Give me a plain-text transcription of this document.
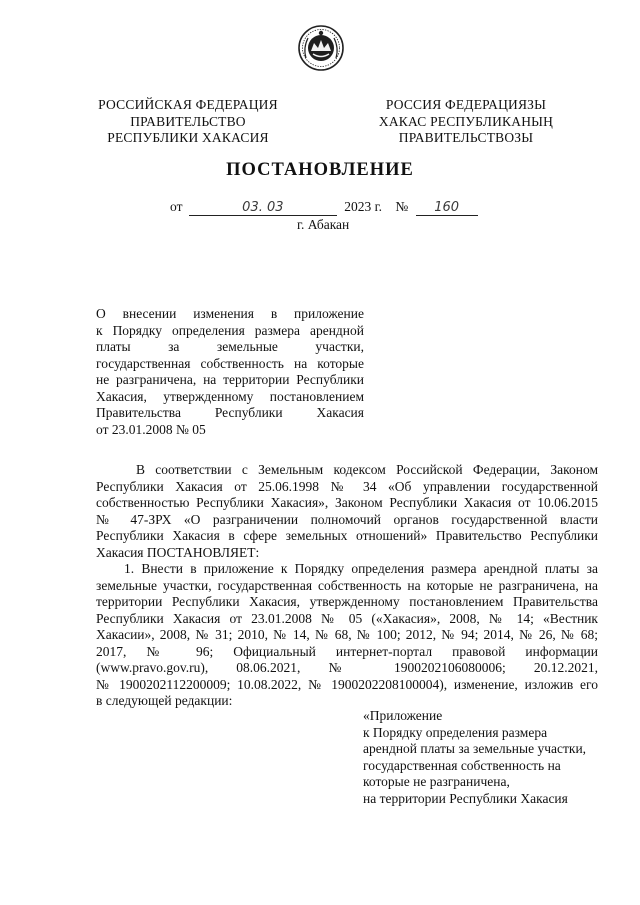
РОССИЙСКАЯ ФЕДЕРАЦИЯ
ПРАВИТЕЛЬСТВО
РЕСПУБЛИКИ ХАКАСИЯ
РОССИЯ ФЕДЕРАЦИЯЗЫ
ХАКАС РЕСПУБЛИКАНЫҢ
ПРАВИТЕЛЬСТВОЗЫ
ПОСТАНОВЛЕНИЕ
от	03. 03	2023 г. № 160
г. Абакан
О внесении изменения в приложение
к Порядку определения размера арендной
платы за земельные участки,
государственная собственность на которые
не разграничена, на территории Республики
Хакасия, утвержденному постановлением
Правительства Республики Хакасия
от 23.01.2008 № 05
В соответствии с Земельным кодексом Российской Федерации, Законом
Республики Хакасия от 25.06.1998 № 34 «Об управлении государственной
собственностью Республики Хакасия», Законом Республики Хакасия от 10.06.2015
№ 47-ЗРХ «О разграничении полномочий органов государственной власти
Республики Хакасия в сфере земельных отношений» Правительство Республики
Хакасия ПОСТАНОВЛЯЕТ:
1. Внести в приложение к Порядку определения размера арендной платы за
земельные участки, государственная собственность на которые не разграничена, на
территории Республики Хакасия, утвержденному постановлением Правительства
Республики Хакасия от 23.01.2008 № 05 («Хакасия», 2008, № 14; «Вестник
Хакасии», 2008, № 31; 2010, № 14, № 68, № 100; 2012, № 94; 2014, № 26, № 68;
2017, № 96; Официальный интернет-портал правовой информации
(www.pravo.gov.ru), 08.06.2021, № 1900202106080006; 20.12.2021,
№ 1900202112200009; 10.08.2022, № 1900202208100004), изменение, изложив его
в следующей редакции:
«Приложение
к Порядку определения размера
арендной платы за земельные участки,
государственная собственность на
которые не разграничена,
на территории Республики Хакасия
